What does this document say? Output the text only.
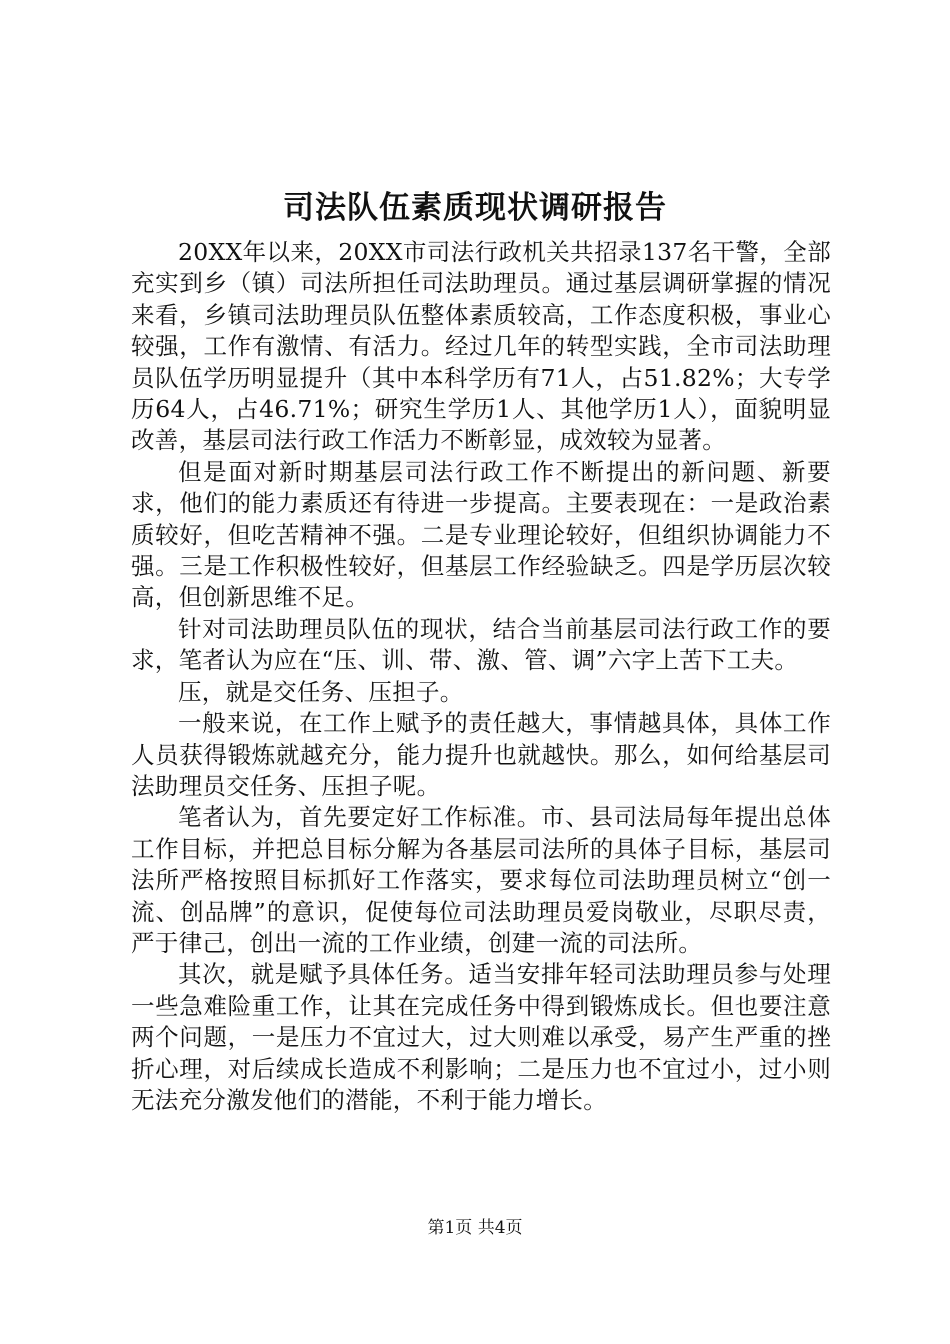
司法队伍素质现状调研报告

20XX年以来，20XX市司法行政机关共招录137名干警，全部充实到乡（镇）司法所担任司法助理员。通过基层调研掌握的情况来看，乡镇司法助理员队伍整体素质较高，工作态度积极，事业心较强，工作有激情、有活力。经过几年的转型实践，全市司法助理员队伍学历明显提升（其中本科学历有71人，占51.82%；大专学历64人，占46.71%；研究生学历1人、其他学历1人），面貌明显改善，基层司法行政工作活力不断彰显，成效较为显著。

但是面对新时期基层司法行政工作不断提出的新问题、新要求，他们的能力素质还有待进一步提高。主要表现在：一是政治素质较好，但吃苦精神不强。二是专业理论较好，但组织协调能力不强。三是工作积极性较好，但基层工作经验缺乏。四是学历层次较高，但创新思维不足。

针对司法助理员队伍的现状，结合当前基层司法行政工作的要求，笔者认为应在“压、训、带、激、管、调”六字上苦下工夫。

压，就是交任务、压担子。

一般来说，在工作上赋予的责任越大，事情越具体，具体工作人员获得锻炼就越充分，能力提升也就越快。那么，如何给基层司法助理员交任务、压担子呢。

笔者认为，首先要定好工作标准。市、县司法局每年提出总体工作目标，并把总目标分解为各基层司法所的具体子目标，基层司法所严格按照目标抓好工作落实，要求每位司法助理员树立“创一流、创品牌”的意识，促使每位司法助理员爱岗敬业，尽职尽责，严于律己，创出一流的工作业绩，创建一流的司法所。

其次，就是赋予具体任务。适当安排年轻司法助理员参与处理一些急难险重工作，让其在完成任务中得到锻炼成长。但也要注意两个问题，一是压力不宜过大，过大则难以承受，易产生严重的挫折心理，对后续成长造成不利影响；二是压力也不宜过小，过小则无法充分激发他们的潜能，不利于能力增长。

第1页 共4页
